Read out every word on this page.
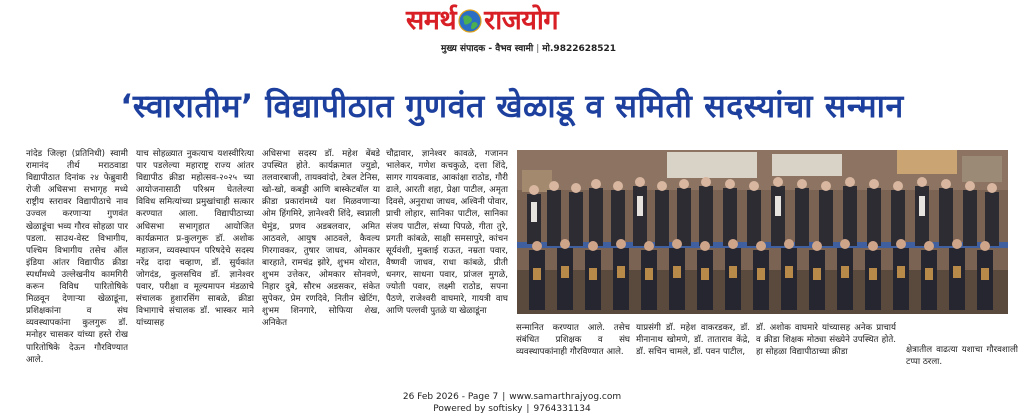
समर्थ राजयोग
मुख्य संपादक - वैभव स्वामी | मो.9822628521
‘स्वारातीम’ विद्यापीठात गुणवंत खेळाडू व समिती सदस्यांचा सन्मान

नांदेड जिल्हा (प्रतिनिधी) स्वामी रामानंद तीर्थ मराठवाडा विद्यापीठात दिनांक २४ फेब्रुवारी रोजी अधिसभा सभागृह मध्ये राष्ट्रीय स्तरावर विद्यापीठाचे नाव उज्वल करणाऱ्या गुणवंत खेळाडूंचा भव्य गौरव सोहळा पार पडला. साउथ-वेस्ट विभागीय, पश्चिम विभागीय तसेच ऑल इंडिया आंतर विद्यापीठ क्रीडा स्पर्धांमध्ये उल्लेखनीय कामगिरी करून विविध पारितोषिके मिळवून देणाऱ्या खेळाडूंना, प्रशिक्षकांना व संघ व्यवस्थापकांना कुलगुरू डॉ. मनोहर चासकर यांच्या हस्ते रोख पारितोषिके देऊन गौरविण्यात आले.

याच सोहळ्यात नुकत्याच यशस्वीरित्या पार पडलेल्या महाराष्ट्र राज्य आंतर विद्यापीठ क्रीडा महोत्सव-२०२५ च्या आयोजनासाठी परिश्रम घेतलेल्या विविध समित्यांच्या प्रमुखांचाही सत्कार करण्यात आला. विद्यापीठाच्या अधिसभा सभागृहात आयोजित कार्यक्रमात प्र-कुलगुरू डॉ. अशोक महाजन, व्यवस्थापन परिषदेचे सदस्य नरेंद्र दादा चव्हाण, डॉ. सुर्यकांत जोगदंड, कुलसचिव डॉ. ज्ञानेश्वर पवार, परीक्षा व मूल्यमापन मंडळाचे संचालक हुशारसिंग साबळे, क्रीडा विभागाचे संचालक डॉ. भास्कर माने यांच्यासह

अधिसभा सदस्य डॉ. महेश बेंबडे उपस्थित होते. कार्यक्रमात ज्युडो, तलवारबाजी, तायक्वांदो, टेबल टेनिस, खो-खो, कबड्डी आणि बास्केटबॉल या क्रीडा प्रकारांमध्ये यश मिळवणाऱ्या ओम हिंगमिरे, ज्ञानेश्वरी शिंदे, स्वप्नाली घेमुंड, प्रणव अडबलवार, अमित आठवले, आयुष आठवले, कैवल्य गिरगावकर, तुषार जाधव, ओमकार बारहाते, रामचंद्र झोरे, शुभम थोरात, शुभम उत्तेकर, ओमकार सोनवणे, निहार दुबे, सौरभ अडसकर, संकेत सुपेकर, प्रेम रणदिवे, नितीन खेटिंग, शुभम शिनगारे, सोफिया शेख, अनिकेत

चौद्रावार, ज्ञानेश्वर कावळे, गजानन भालेकर, गणेश कचकुळे, दत्ता शिंदे, सागर गायकवाड, आकांक्षा राठोड, गौरी ढाले, आरती शहा, प्रेक्षा पाटील, अमृता दिवसे, अनुराधा जाधव, अश्विनी पोवार, प्राची लोहार, सानिका पाटील, सानिका संजय पाटील, संध्या पिपळे, गीता तुरे, प्रगती कांबळे, साक्षी समसापुरे, कांचन सूर्यवंशी, मुक्ताई राऊत, नम्रता पवार, वैष्णवी जाधव, राधा कांबळे, प्रीती धनगर, साधना पवार, प्रांजल मुगळे, ज्योती पवार, लक्ष्मी राठोड, सपना पैठणे, राजेश्वरी वाघमारे, गायत्री वाघ आणि पल्लवी पुतळे या खेळाडूंना

सन्मानित करण्यात आले. तसेच संबंधित प्रशिक्षक व संघ व्यवस्थापकांनाही गौरविण्यात आले.

याप्रसंगी डॉ. महेश वाकरडकर, डॉ. मीनानाथ खोमणे, डॉ. ताताराव केंद्रे, डॉ. सचिन चामले, डॉ. पवन पाटील,

डॉ. अशोक वाघमारे यांच्यासह अनेक प्राचार्य व क्रीडा शिक्षक मोठ्या संख्येने उपस्थित होते. हा सोहळा विद्यापीठाच्या क्रीडा	क्षेत्रातील वाढत्या यशाचा गौरवशाली टप्पा ठरला.

26 Feb 2026 - Page 7 | www.samarthrajyog.com
Powered by softisky | 9764331134
